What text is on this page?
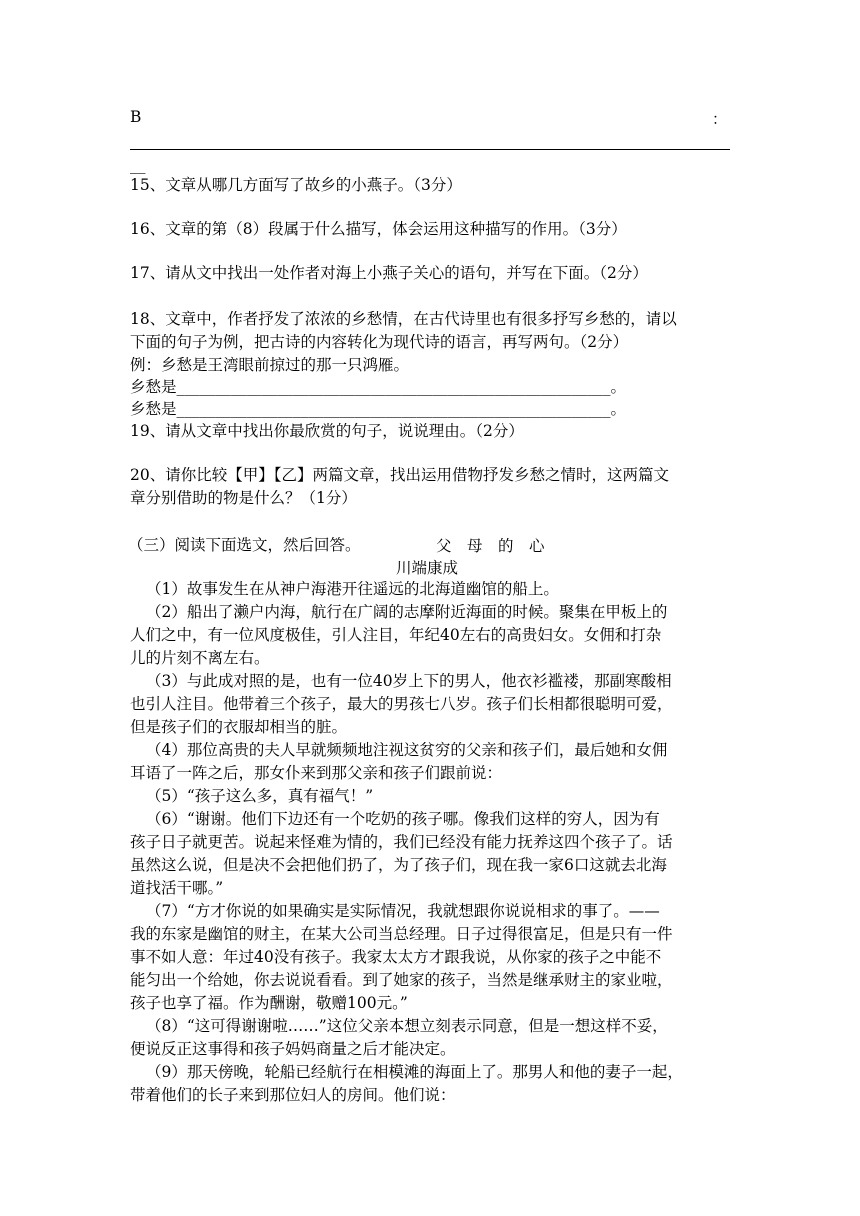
B	：
__
15、文章从哪几方面写了故乡的小燕子。（3分）
16、文章的第（8）段属于什么描写，体会运用这种描写的作用。（3分）
17、请从文中找出一处作者对海上小燕子关心的语句，并写在下面。（2分）
18、文章中，作者抒发了浓浓的乡愁情，在古代诗里也有很多抒写乡愁的，请以
下面的句子为例，把古诗的内容转化为现代诗的语言，再写两句。（2分）
例：乡愁是王湾眼前掠过的那一只鸿雁。
乡愁是________________________________________________________。
乡愁是________________________________________________________。
19、请从文章中找出你最欣赏的句子，说说理由。（2分）
20、请你比较【甲】【乙】两篇文章，找出运用借物抒发乡愁之情时，这两篇文
章分别借助的物是什么？（1分）
（三）阅读下面选文，然后回答。	父　母　的　心
川端康成
（1）故事发生在从神户海港开往遥远的北海道幽馆的船上。
（2）船出了濑户内海，航行在广阔的志摩附近海面的时候。聚集在甲板上的
人们之中，有一位风度极佳，引人注目，年纪40左右的高贵妇女。女佣和打杂
儿的片刻不离左右。
（3）与此成对照的是，也有一位40岁上下的男人，他衣衫褴褛，那副寒酸相
也引人注目。他带着三个孩子，最大的男孩七八岁。孩子们长相都很聪明可爱，
但是孩子们的衣服却相当的脏。
（4）那位高贵的夫人早就频频地注视这贫穷的父亲和孩子们，最后她和女佣
耳语了一阵之后，那女仆来到那父亲和孩子们跟前说：
（5）“孩子这么多，真有福气！”
（6）“谢谢。他们下边还有一个吃奶的孩子哪。像我们这样的穷人，因为有
孩子日子就更苦。说起来怪难为情的，我们已经没有能力抚养这四个孩子了。话
虽然这么说，但是决不会把他们扔了，为了孩子们，现在我一家6口这就去北海
道找活干哪。”
（7）“方才你说的如果确实是实际情况，我就想跟你说说相求的事了。——
我的东家是幽馆的财主，在某大公司当总经理。日子过得很富足，但是只有一件
事不如人意：年过40没有孩子。我家太太方才跟我说，从你家的孩子之中能不
能匀出一个给她，你去说说看看。到了她家的孩子，当然是继承财主的家业啦，
孩子也享了福。作为酬谢，敬赠100元。”
（8）“这可得谢谢啦……”这位父亲本想立刻表示同意，但是一想这样不妥，
便说反正这事得和孩子妈妈商量之后才能决定。
（9）那天傍晚，轮船已经航行在相模滩的海面上了。那男人和他的妻子一起，
带着他们的长子来到那位妇人的房间。他们说：
